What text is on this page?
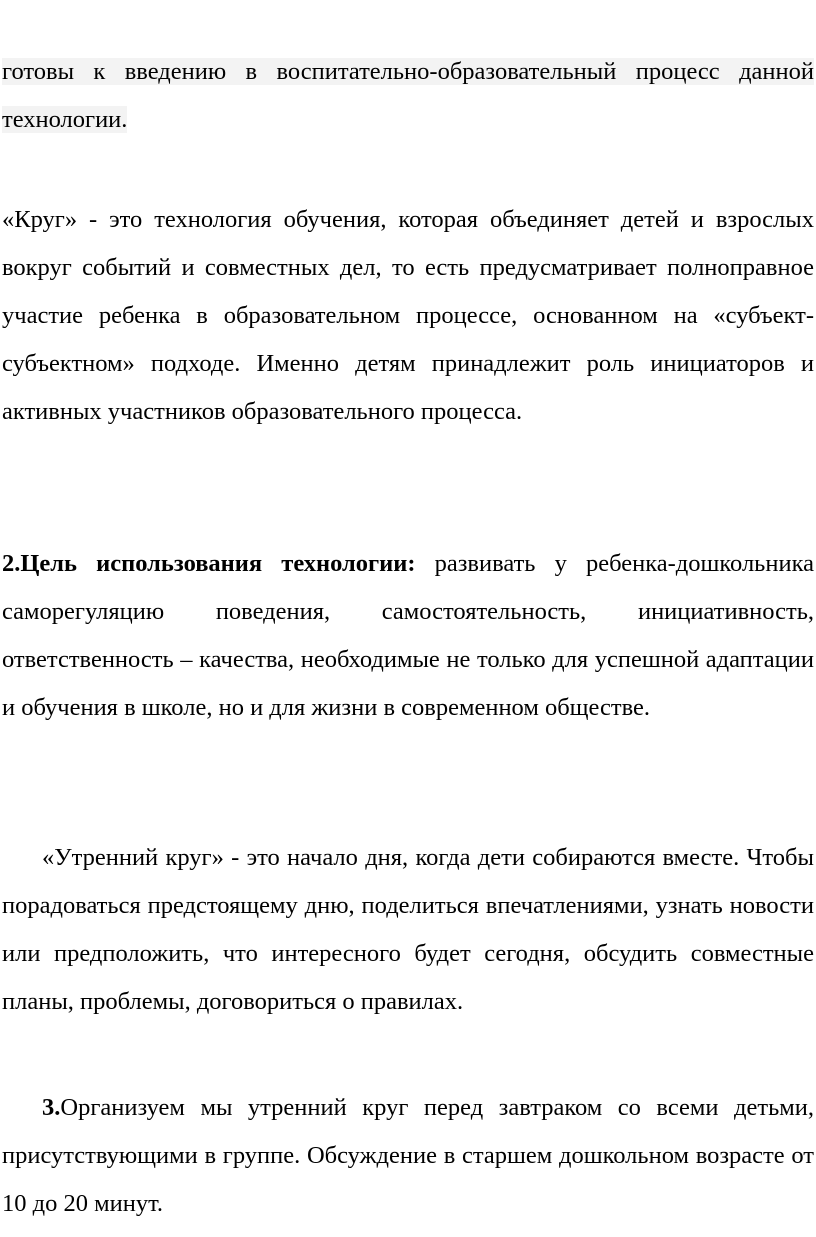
готовы к введению в воспитательно-образовательный процесс данной технологии.

«Круг» - это технология обучения, которая объединяет детей и взрослых вокруг событий и совместных дел, то есть предусматривает полноправное участие ребенка в образовательном процессе, основанном на «субъект-субъектном» подходе. Именно детям принадлежит роль инициаторов и активных участников образовательного процесса.

2.Цель использования технологии: развивать у ребенка-дошкольника саморегуляцию поведения, самостоятельность, инициативность, ответственность – качества, необходимые не только для успешной адаптации и обучения в школе, но и для жизни в современном обществе.

«Утренний круг» - это начало дня, когда дети собираются вместе. Чтобы порадоваться предстоящему дню, поделиться впечатлениями, узнать новости или предположить, что интересного будет сегодня, обсудить совместные планы, проблемы, договориться о правилах.

3.Организуем мы утренний круг перед завтраком со всеми детьми, присутствующими в группе. Обсуждение в старшем дошкольном возрасте от 10 до 20 минут.
